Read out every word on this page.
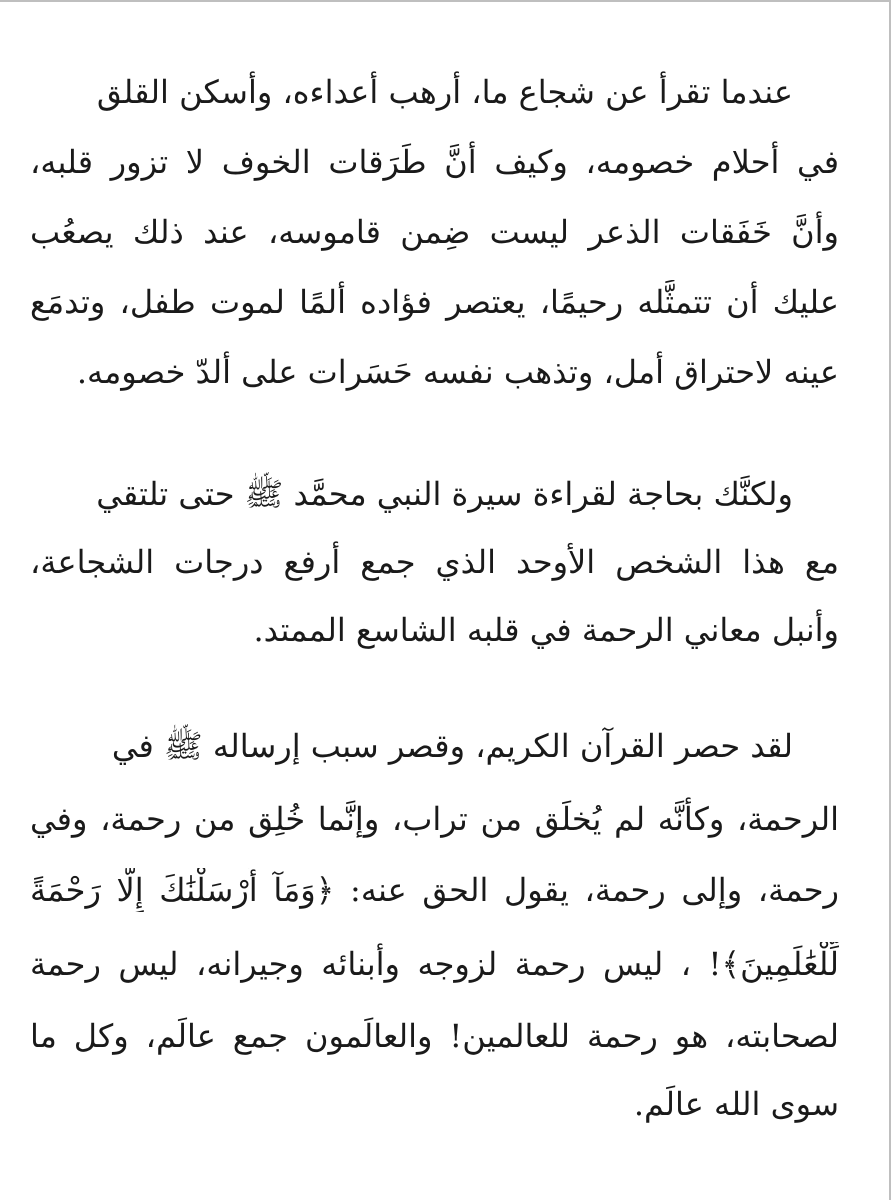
عندما تقرأ عن شجاع ما، أرهب أعداءه، وأسكن القلق
في أحلام خصومه، وكيف أنَّ طَرَقات الخوف لا تزور قلبه،
وأنَّ خَفَقات الذعر ليست ضِمن قاموسه، عند ذلك يصعُب
عليك أن تتمثَّله رحيمًا، يعتصر فؤاده ألمًا لموت طفل، وتدمَع
عينه لاحتراق أمل، وتذهب نفسه حَسَرات على ألدّ خصومه.
ولكنَّك بحاجة لقراءة سيرة النبي محمَّد ﷺ حتى تلتقي
مع هذا الشخص الأوحد الذي جمع أرفع درجات الشجاعة،
وأنبل معاني الرحمة في قلبه الشاسع الممتد.
لقد حصر القرآن الكريم، وقصر سبب إرساله ﷺ في
الرحمة، وكأنَّه لم يُخلَق من تراب، وإنَّما خُلِق من رحمة، وفي
رحمة، وإلى رحمة، يقول الحق عنه: ﴿وَمَآ أَرْسَلْنَٰكَ إِلَّا رَحْمَةً
لِّلْعَٰلَمِينَ﴾! ، ليس رحمة لزوجه وأبنائه وجيرانه، ليس رحمة
لصحابته، هو رحمة للعالمين! والعالَمون جمع عالَم، وكل ما
سوى الله عالَم.
